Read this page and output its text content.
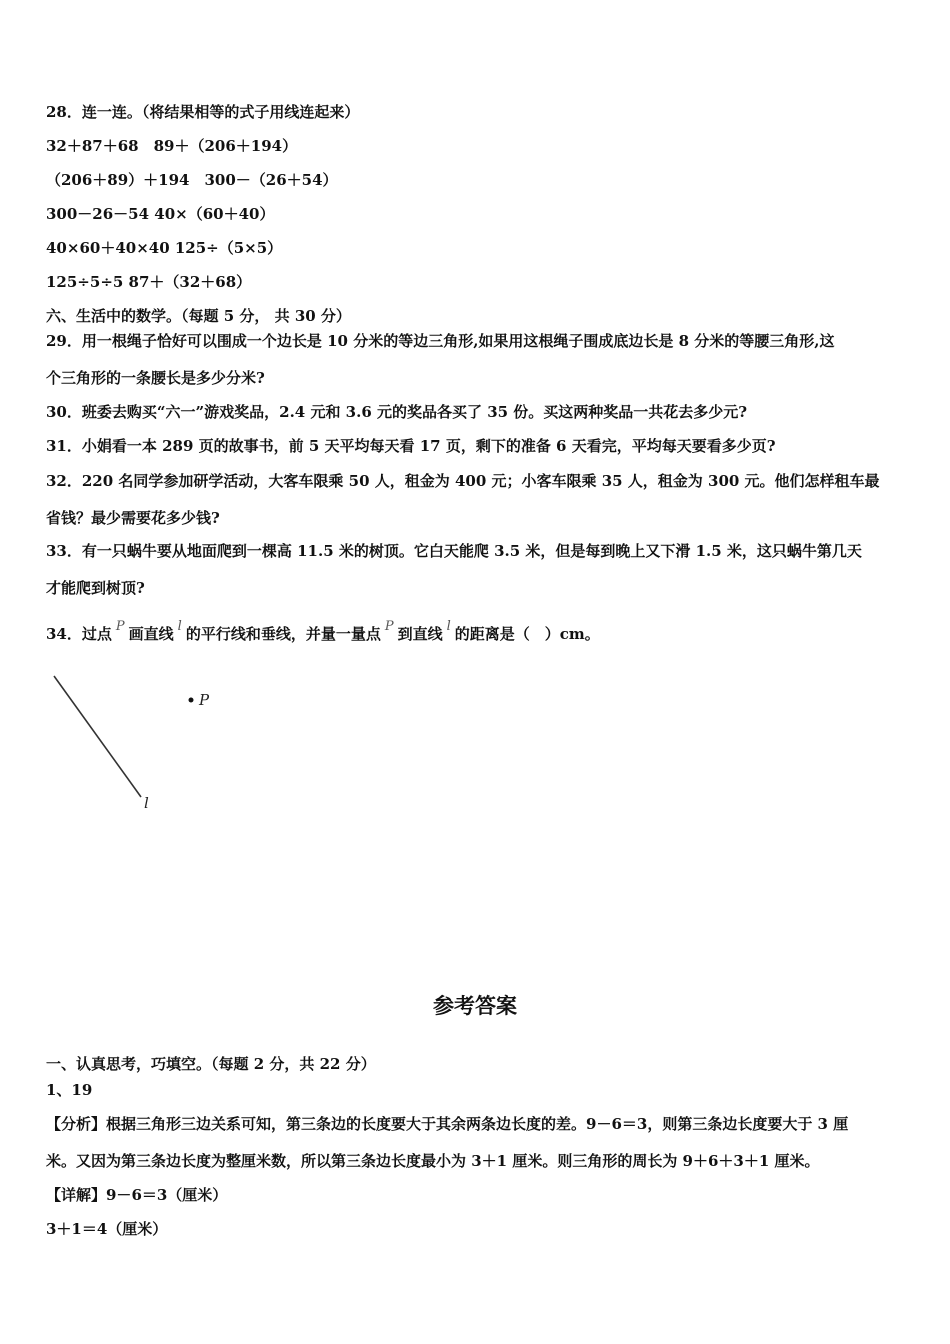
28．连一连。（将结果相等的式子用线连起来）
32＋87＋68　89＋（206＋194）
（206＋89）＋194　300－（26＋54）
300－26－54 40×（60＋40）
40×60＋40×40 125÷（5×5）
125÷5÷5 87＋（32＋68）
六、生活中的数学。（每题 5 分， 共 30 分）
29．用一根绳子恰好可以围成一个边长是 10 分米的等边三角形,如果用这根绳子围成底边长是 8 分米的等腰三角形,这
个三角形的一条腰长是多少分米?
30．班委去购买“六一”游戏奖品，2.4 元和 3.6 元的奖品各买了 35 份。买这两种奖品一共花去多少元?
31．小娟看一本 289 页的故事书，前 5 天平均每天看 17 页，剩下的准备 6 天看完，平均每天要看多少页?
32．220 名同学参加研学活动，大客车限乘 50 人，租金为 400 元；小客车限乘 35 人，租金为 300 元。他们怎样租车最
省钱？最少需要花多少钱?
33．有一只蜗牛要从地面爬到一棵高 11.5 米的树顶。它白天能爬 3.5 米，但是每到晚上又下滑 1.5 米，这只蜗牛第几天
才能爬到树顶?
34．过点 P 画直线 l 的平行线和垂线，并量一量点 P 到直线 l 的距离是（　）cm。
P
l
参考答案
一、认真思考，巧填空。（每题 2 分，共 22 分）
1、19
【分析】根据三角形三边关系可知，第三条边的长度要大于其余两条边长度的差。9－6＝3，则第三条边长度要大于 3 厘
米。又因为第三条边长度为整厘米数，所以第三条边长度最小为 3＋1 厘米。则三角形的周长为 9＋6＋3＋1 厘米。
【详解】9－6＝3（厘米）
3＋1＝4（厘米）
